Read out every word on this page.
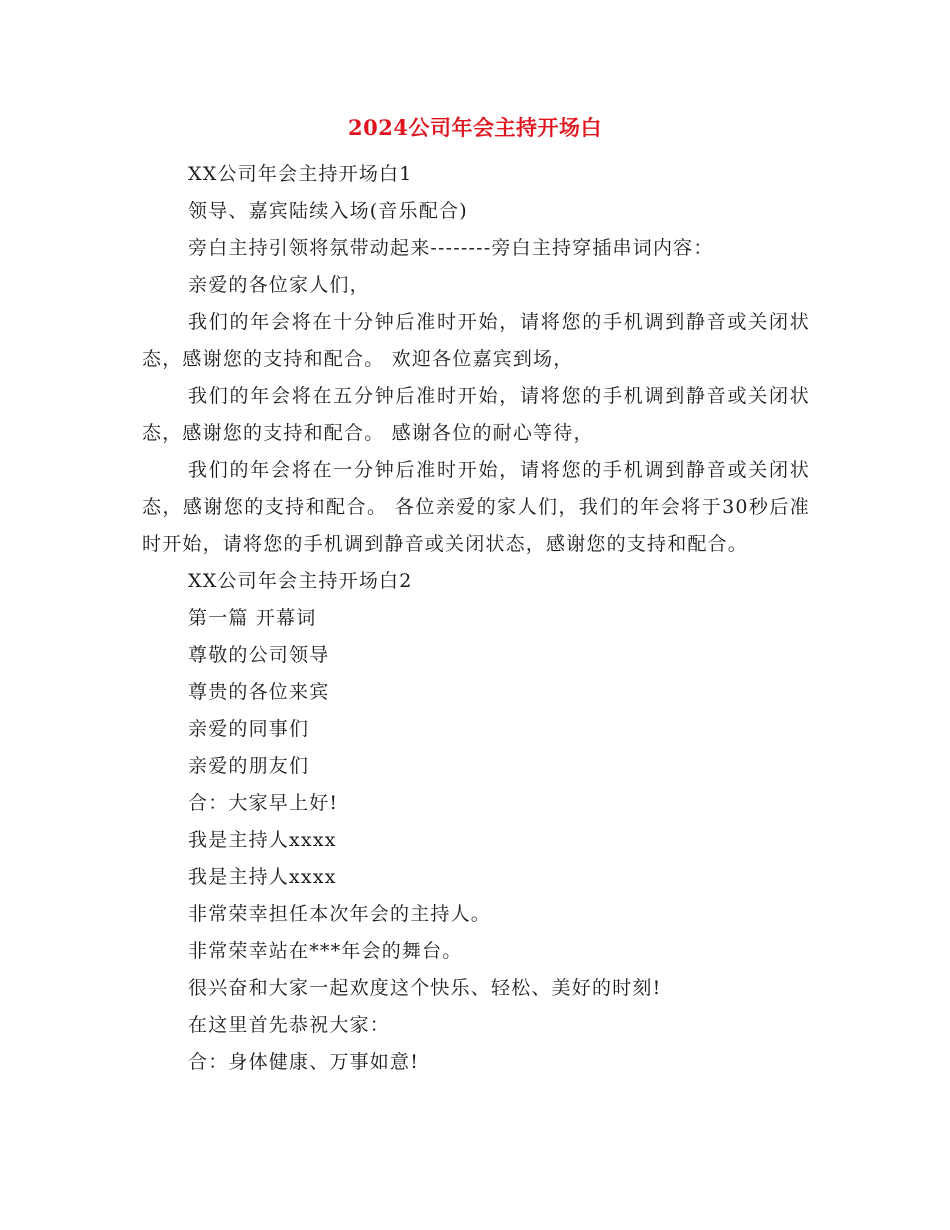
2024公司年会主持开场白

XX公司年会主持开场白1

领导、嘉宾陆续入场(音乐配合)

旁白主持引领将氛带动起来--------旁白主持穿插串词内容：

亲爱的各位家人们，

我们的年会将在十分钟后准时开始，请将您的手机调到静音或关闭状态，感谢您的支持和配合。 欢迎各位嘉宾到场，

我们的年会将在五分钟后准时开始，请将您的手机调到静音或关闭状态，感谢您的支持和配合。 感谢各位的耐心等待，

我们的年会将在一分钟后准时开始，请将您的手机调到静音或关闭状态，感谢您的支持和配合。 各位亲爱的家人们，我们的年会将于30秒后准时开始，请将您的手机调到静音或关闭状态，感谢您的支持和配合。

XX公司年会主持开场白2

第一篇 开幕词

尊敬的公司领导

尊贵的各位来宾

亲爱的同事们

亲爱的朋友们

合：大家早上好!

我是主持人xxxx

我是主持人xxxx

非常荣幸担任本次年会的主持人。

非常荣幸站在***年会的舞台。

很兴奋和大家一起欢度这个快乐、轻松、美好的时刻!

在这里首先恭祝大家：

合：身体健康、万事如意!
